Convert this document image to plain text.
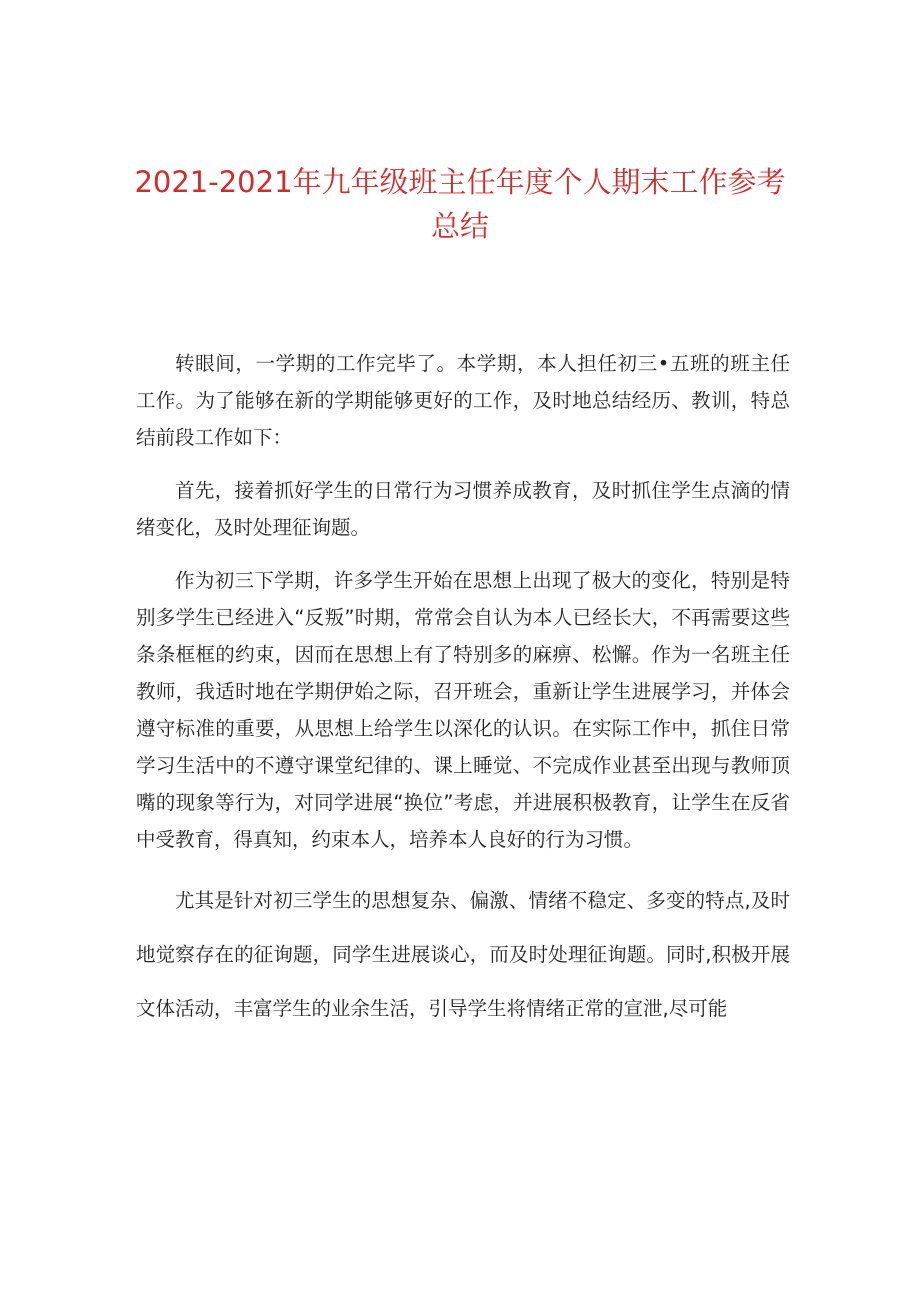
2021-2021年九年级班主任年度个人期末工作参考
总结

转眼间，一学期的工作完毕了。本学期，本人担任初三•五班的班主任工作。为了能够在新的学期能够更好的工作，及时地总结经历、教训，特总结前段工作如下：

首先，接着抓好学生的日常行为习惯养成教育，及时抓住学生点滴的情绪变化，及时处理征询题。

作为初三下学期，许多学生开始在思想上出现了极大的变化，特别是特别多学生已经进入“反叛”时期，常常会自认为本人已经长大，不再需要这些条条框框的约束，因而在思想上有了特别多的麻痹、松懈。作为一名班主任教师，我适时地在学期伊始之际，召开班会，重新让学生进展学习，并体会遵守标准的重要，从思想上给学生以深化的认识。在实际工作中，抓住日常学习生活中的不遵守课堂纪律的、课上睡觉、不完成作业甚至出现与教师顶嘴的现象等行为，对同学进展“换位”考虑，并进展积极教育，让学生在反省中受教育，得真知，约束本人，培养本人良好的行为习惯。

尤其是针对初三学生的思想复杂、偏激、情绪不稳定、多变的特点,及时地觉察存在的征询题，同学生进展谈心，而及时处理征询题。同时,积极开展文体活动，丰富学生的业余生活，引导学生将情绪正常的宣泄,尽可能
